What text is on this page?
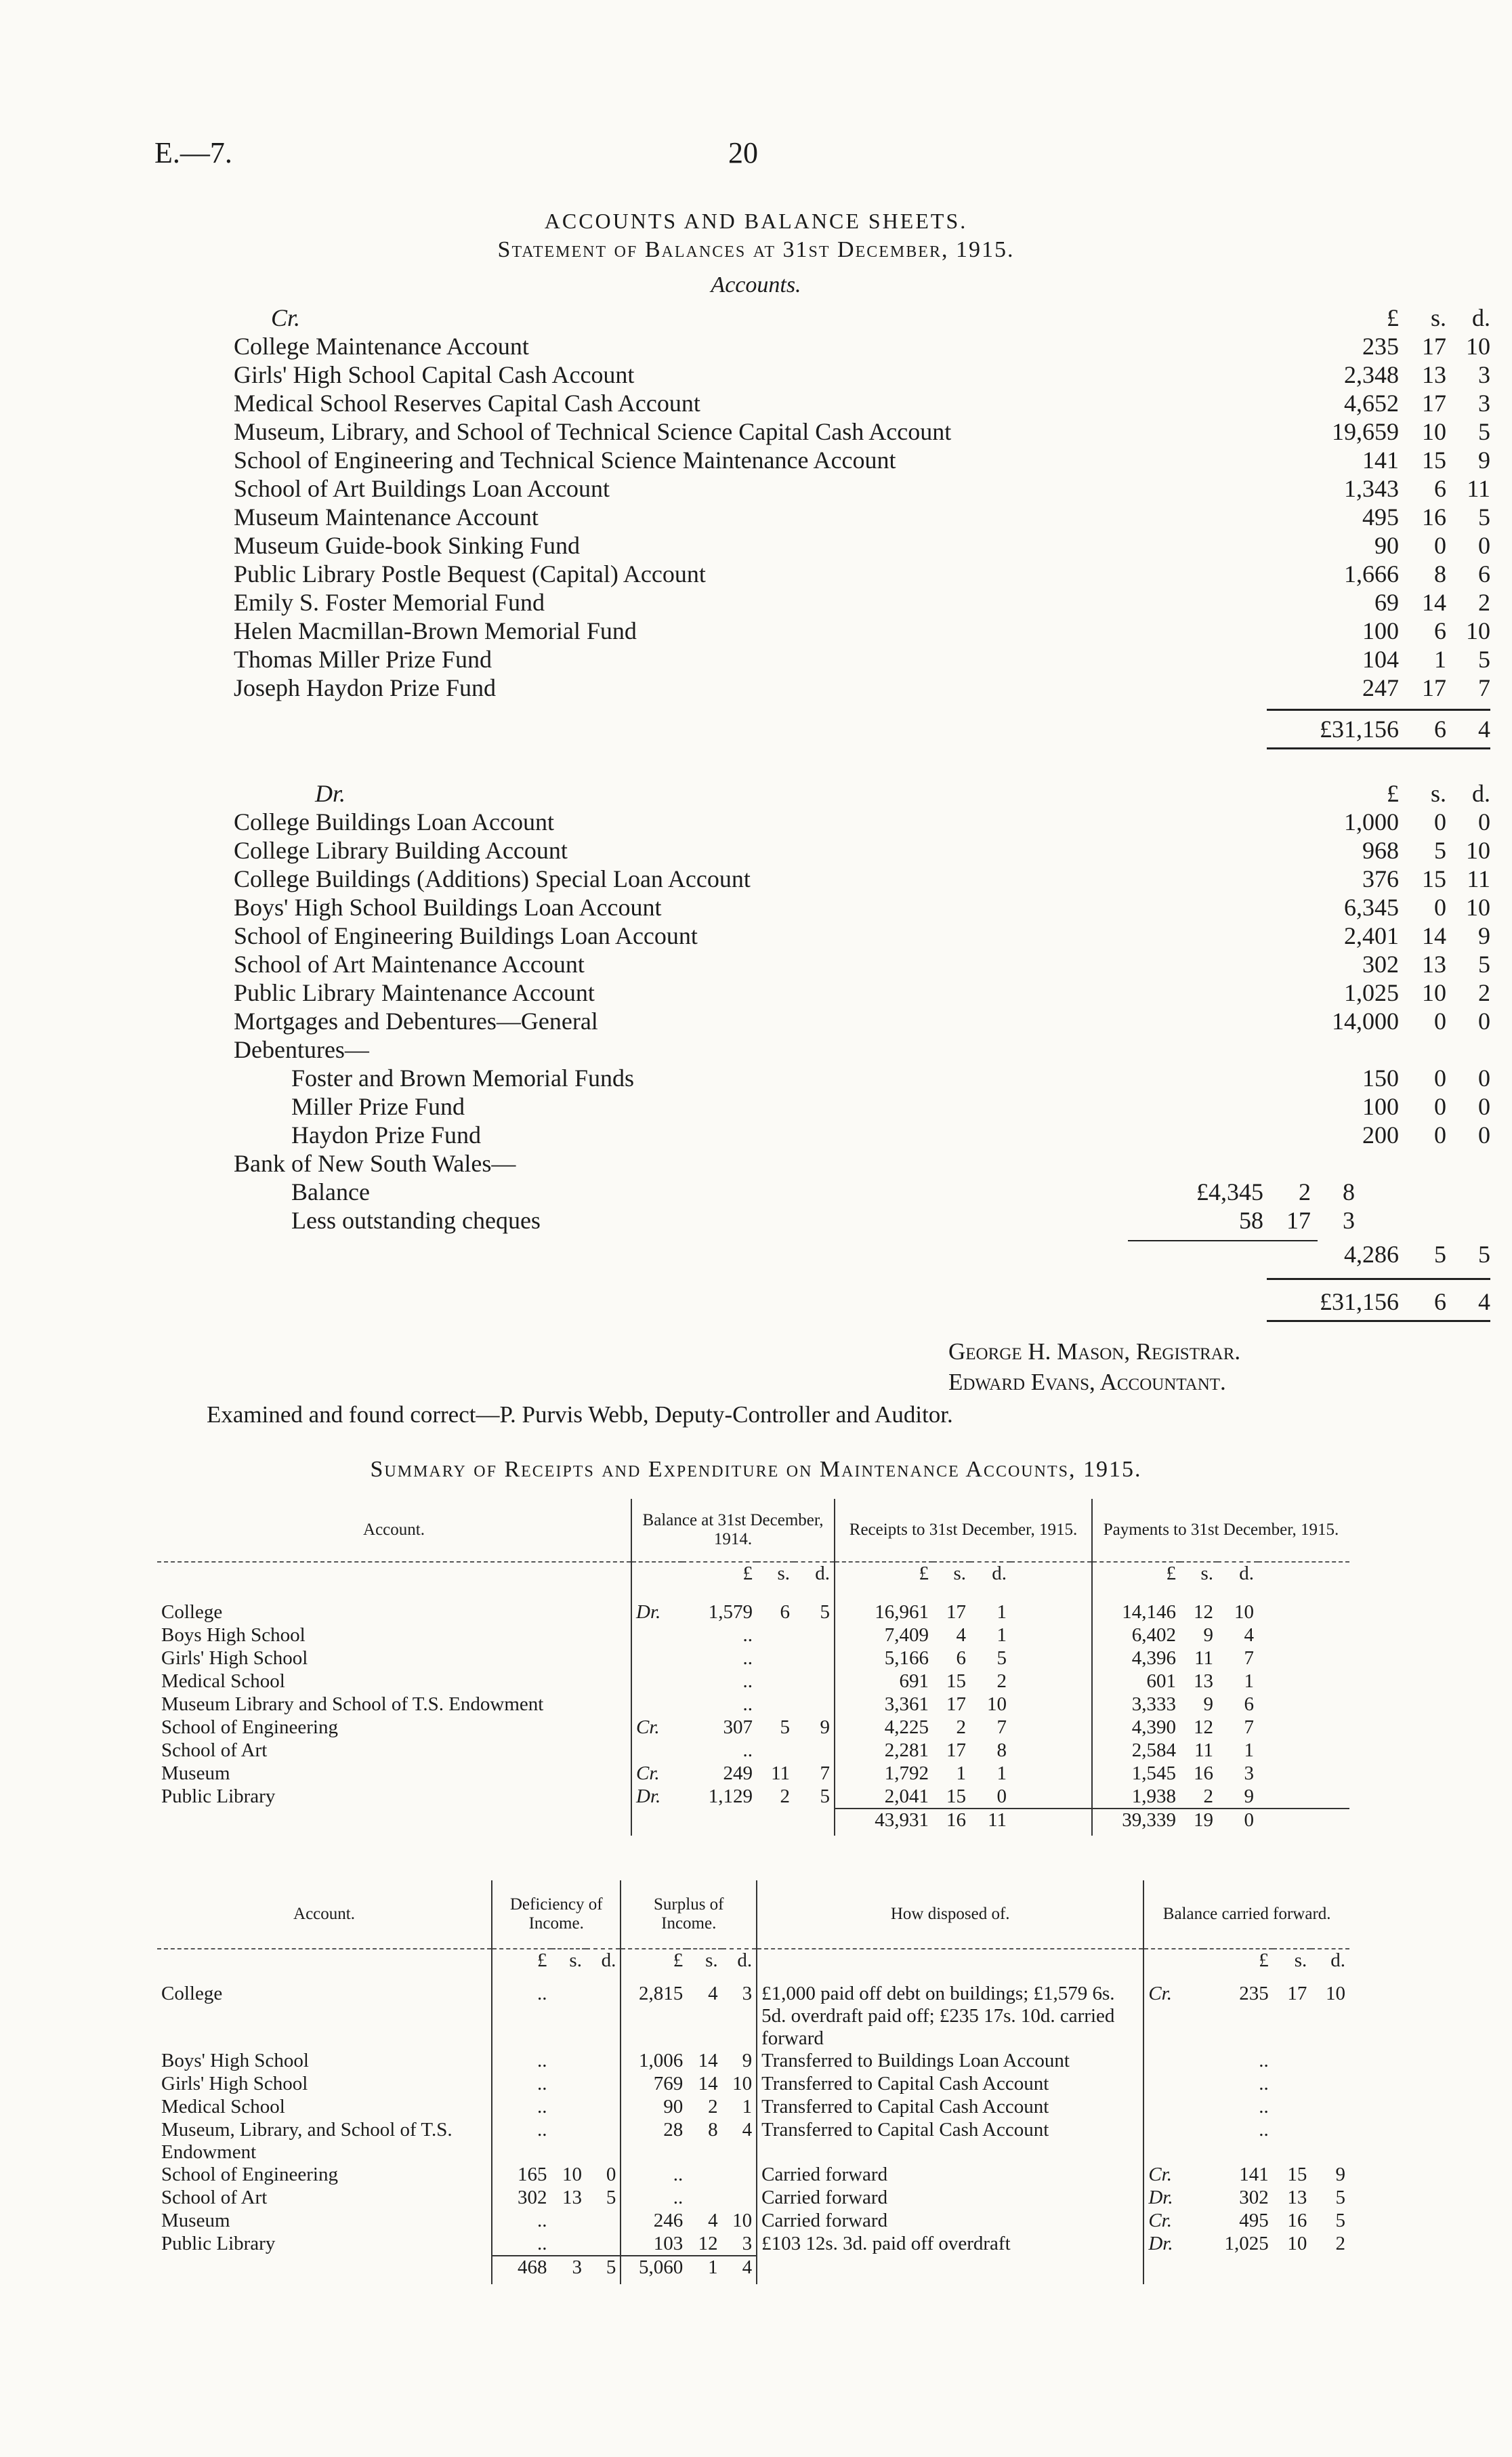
E.—7.	20
ACCOUNTS AND BALANCE SHEETS.
Statement of Balances at 31st December, 1915.
Accounts.
Cr.	£	s.	d.
College Maintenance Account	235 17 10
Girls' High School Capital Cash Account	2,348 13	3
Medical School Reserves Capital Cash Account	4,652 17	3
Museum, Library, and School of Technical Science Capital Cash Account	19,659 10	5
School of Engineering and Technical Science Maintenance Account	141 15	9
School of Art Buildings Loan Account	1,343	6 11
Museum Maintenance Account	495 16	5
Museum Guide-book Sinking Fund	90	0	0
Public Library Postle Bequest (Capital) Account	1,666	8	6
Emily S. Foster Memorial Fund	69 14	2
Helen Macmillan-Brown Memorial Fund	100	6 10
Thomas Miller Prize Fund	104	1	5
Joseph Haydon Prize Fund	247 17	7
£31,156	6	4
Dr.	£	s.	d.
College Buildings Loan Account	1,000	0	0
College Library Building Account	968	5 10
College Buildings (Additions) Special Loan Account	376 15 11
Boys' High School Buildings Loan Account	6,345	0 10
School of Engineering Buildings Loan Account	2,401 14	9
School of Art Maintenance Account	302 13	5
Public Library Maintenance Account	1,025 10	2
Mortgages and Debentures—General	14,000	0	0
Debentures—
Foster and Brown Memorial Funds	150	0	0
Miller Prize Fund	100	0	0
Haydon Prize Fund	200	0	0
Bank of New South Wales—
Balance	£4,345	2	8
Less outstanding cheques	58 17	3
4,286	5	5
£31,156	6	4
George H. Mason, Registrar.
Edward Evans, Accountant.
Examined and found correct—P. Purvis Webb, Deputy-Controller and Auditor.
Summary of Receipts and Expenditure on Maintenance Accounts, 1915.
Account.	Balance at 31st December, 1914.				Receipts to 31st December, 1915.				Payments to 31st December, 1915.			
		£	s.	d.	£	s.	d.		£	s.	d.	
College	Dr.	1,579	6	5	16,961	17	1		14,146	12	10	
Boys High School		..			7,409	4	1		6,402	9	4	
Girls' High School		..			5,166	6	5		4,396	11	7	
Medical School		..			691	15	2		601	13	1	
Museum Library and School of T.S. Endowment		..			3,361	17	10		3,333	9	6	
School of Engineering	Cr.	307	5	9	4,225	2	7		4,390	12	7	
School of Art		..			2,281	17	8		2,584	11	1	
Museum	Cr.	249	11	7	1,792	1	1		1,545	16	3	
Public Library	Dr.	1,129	2	5	2,041	15	0		1,938	2	9	
					43,931	16	11		39,339	19	0	
Account.	Deficiency of Income.			Surplus of Income.			How disposed of.	Balance carried forward.			
	£	s.	d.	£	s.	d.			£	s.	d.
College	..			2,815	4	3	£1,000 paid off debt on buildings; £1,579 6s. 5d. overdraft paid off; £235 17s. 10d. carried forward	Cr.	235	17	10
Boys' High School	..			1,006	14	9	Transferred to Buildings Loan Account		..		
Girls' High School	..			769	14	10	Transferred to Capital Cash Account		..		
Medical School	..			90	2	1	Transferred to Capital Cash Account		..		
Museum, Library, and School of T.S. Endowment	..			28	8	4	Transferred to Capital Cash Account		..		
School of Engineering	165	10	0	..			Carried forward	Cr.	141	15	9
School of Art	302	13	5	..			Carried forward	Dr.	302	13	5
Museum	..			246	4	10	Carried forward	Cr.	495	16	5
Public Library	..			103	12	3	£103 12s. 3d. paid off overdraft	Dr.	1,025	10	2
	468	3	5	5,060	1	4					
